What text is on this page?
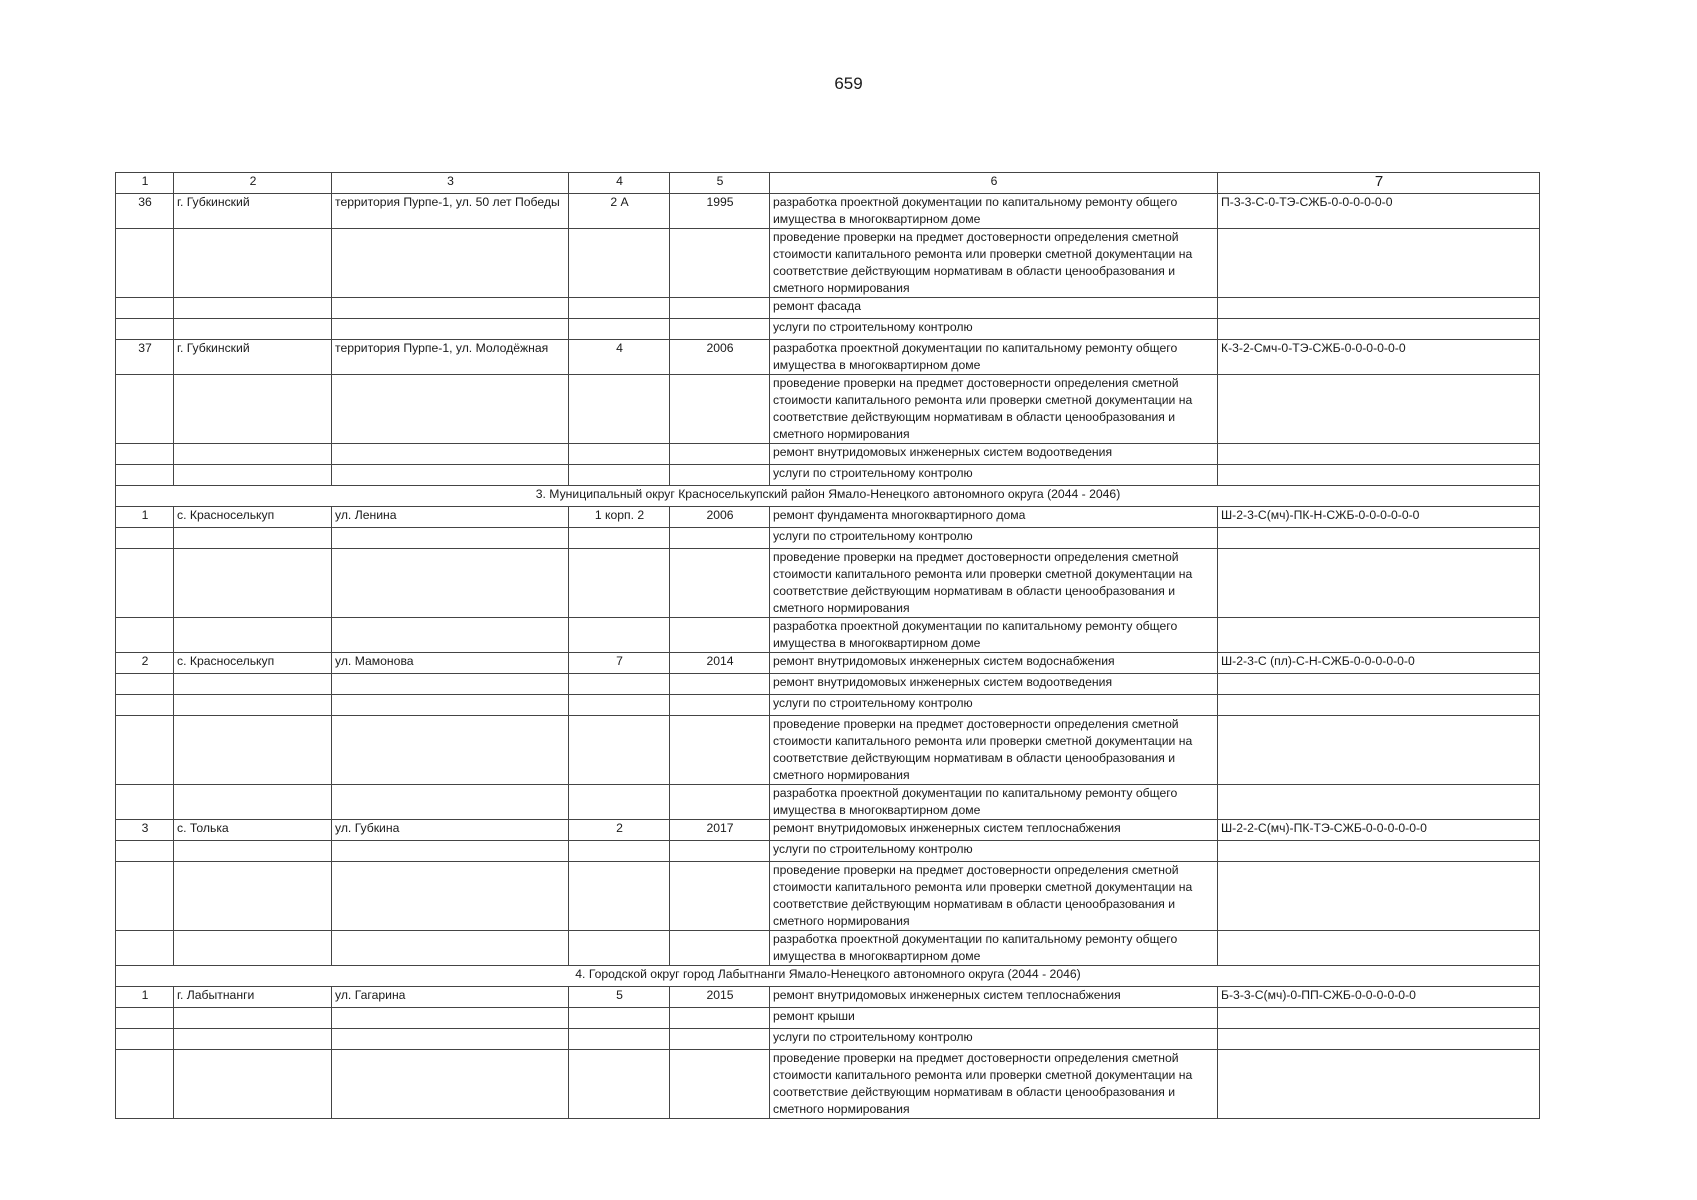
659
1	2	3	4	5	6	7
36	г. Губкинский	территория Пурпе-1, ул. 50 лет Победы	2 А	1995	разработка проектной документации по капитальному ремонту общего имущества в многоквартирном доме	П-3-3-С-0-ТЭ-СЖБ-0-0-0-0-0-0
					проведение проверки на предмет достоверности определения сметной стоимости капитального ремонта или проверки сметной документации на соответствие действующим нормативам в области ценообразования и сметного нормирования	
					ремонт фасада	
					услуги по строительному контролю	
37	г. Губкинский	территория Пурпе-1, ул. Молодёжная	4	2006	разработка проектной документации по капитальному ремонту общего имущества в многоквартирном доме	К-3-2-Смч-0-ТЭ-СЖБ-0-0-0-0-0-0
					проведение проверки на предмет достоверности определения сметной стоимости капитального ремонта или проверки сметной документации на соответствие действующим нормативам в области ценообразования и сметного нормирования	
					ремонт внутридомовых инженерных систем водоотведения	
					услуги по строительному контролю	
3. Муниципальный округ Красноселькупский район Ямало-Ненецкого автономного округа (2044 - 2046)						
1	с. Красноселькуп	ул. Ленина	1 корп. 2	2006	ремонт фундамента многоквартирного дома	Ш-2-3-С(мч)-ПК-Н-СЖБ-0-0-0-0-0-0
					услуги по строительному контролю	
					проведение проверки на предмет достоверности определения сметной стоимости капитального ремонта или проверки сметной документации на соответствие действующим нормативам в области ценообразования и сметного нормирования	
					разработка проектной документации по капитальному ремонту общего имущества в многоквартирном доме	
2	с. Красноселькуп	ул. Мамонова	7	2014	ремонт внутридомовых инженерных систем водоснабжения	Ш-2-3-С (пл)-С-Н-СЖБ-0-0-0-0-0-0
					ремонт внутридомовых инженерных систем водоотведения	
					услуги по строительному контролю	
					проведение проверки на предмет достоверности определения сметной стоимости капитального ремонта или проверки сметной документации на соответствие действующим нормативам в области ценообразования и сметного нормирования	
					разработка проектной документации по капитальному ремонту общего имущества в многоквартирном доме	
3	с. Толька	ул. Губкина	2	2017	ремонт внутридомовых инженерных систем теплоснабжения	Ш-2-2-С(мч)-ПК-ТЭ-СЖБ-0-0-0-0-0-0
					услуги по строительному контролю	
					проведение проверки на предмет достоверности определения сметной стоимости капитального ремонта или проверки сметной документации на соответствие действующим нормативам в области ценообразования и сметного нормирования	
					разработка проектной документации по капитальному ремонту общего имущества в многоквартирном доме	
4. Городской округ город Лабытнанги Ямало-Ненецкого автономного округа (2044 - 2046)						
1	г. Лабытнанги	ул. Гагарина	5	2015	ремонт внутридомовых инженерных систем теплоснабжения	Б-3-3-С(мч)-0-ПП-СЖБ-0-0-0-0-0-0
					ремонт крыши	
					услуги по строительному контролю	
					проведение проверки на предмет достоверности определения сметной стоимости капитального ремонта или проверки сметной документации на соответствие действующим нормативам в области ценообразования и сметного нормирования	
